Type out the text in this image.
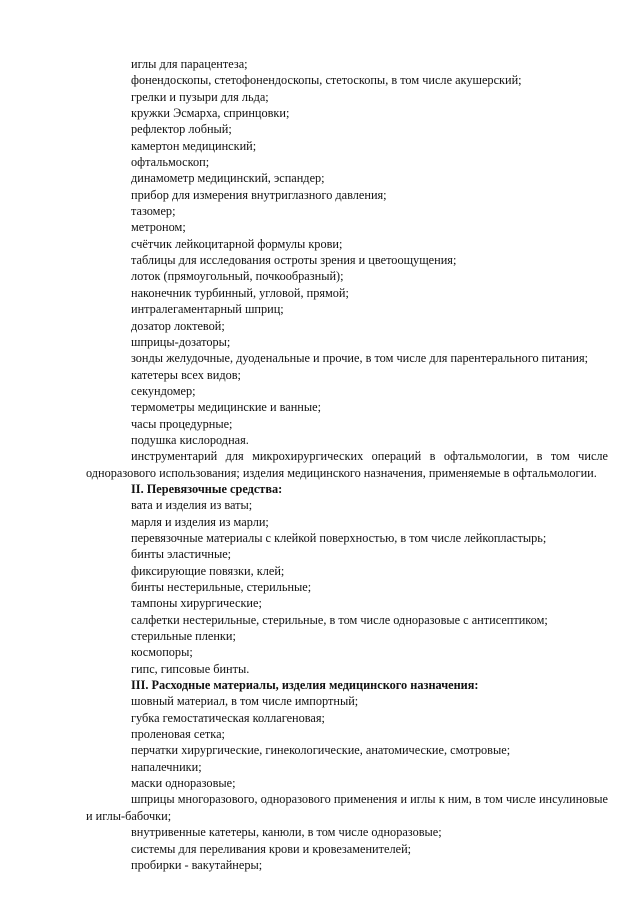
иглы для парацентеза;
фонендоскопы, стетофонендоскопы, стетоскопы, в том числе акушерский;
грелки и пузыри для льда;
кружки Эсмарха, спринцовки;
рефлектор лобный;
камертон медицинский;
офтальмоскоп;
динамометр медицинский, эспандер;
прибор для измерения внутриглазного давления;
тазомер;
метроном;
счётчик лейкоцитарной формулы крови;
таблицы для исследования остроты зрения и цветоощущения;
лоток (прямоугольный, почкообразный);
наконечник турбинный, угловой, прямой;
интралегаментарный шприц;
дозатор локтевой;
шприцы-дозаторы;
зонды желудочные, дуоденальные и прочие, в том числе для парентерального питания;
катетеры всех видов;
секундомер;
термометры медицинские и ванные;
часы процедурные;
подушка кислородная.
инструментарий для микрохирургических операций в офтальмологии, в том числе одноразового использования; изделия медицинского назначения, применяемые в офтальмологии.
II. Перевязочные средства:
вата и изделия из ваты;
марля и изделия из марли;
перевязочные материалы с клейкой поверхностью, в том числе лейкопластырь;
бинты эластичные;
фиксирующие повязки, клей;
бинты нестерильные, стерильные;
тампоны хирургические;
салфетки нестерильные, стерильные, в том числе одноразовые с антисептиком;
стерильные пленки;
космопоры;
гипс, гипсовые бинты.
III. Расходные материалы, изделия медицинского назначения:
шовный материал, в том числе импортный;
губка гемостатическая коллагеновая;
проленовая сетка;
перчатки хирургические, гинекологические, анатомические, смотровые;
напалечники;
маски одноразовые;
шприцы многоразового, одноразового применения и иглы к ним, в том числе инсулиновые и иглы-бабочки;
внутривенные катетеры, канюли, в том числе одноразовые;
системы для переливания крови и кровезаменителей;
пробирки - вакутайнеры;
